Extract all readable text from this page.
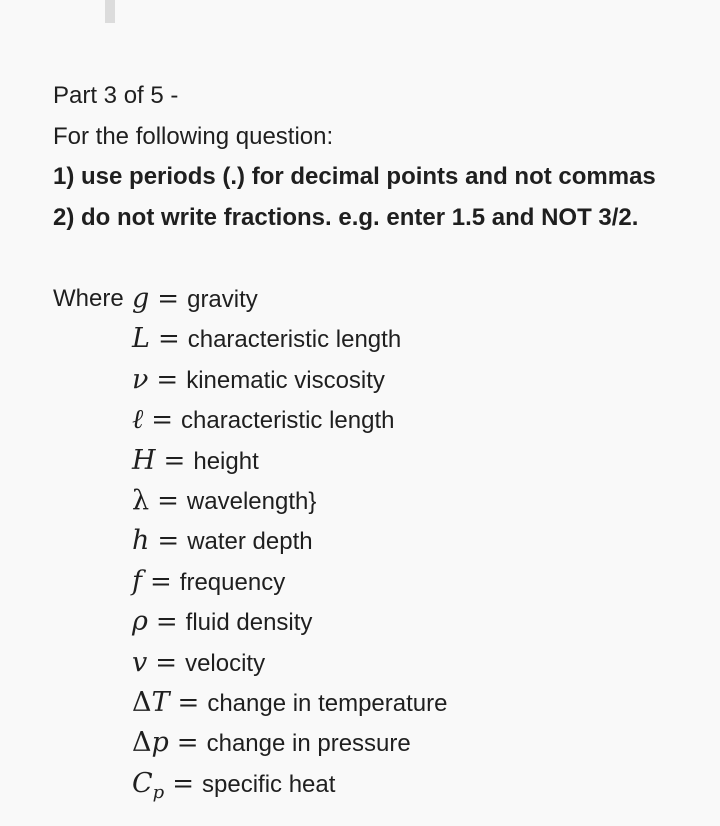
Part 3 of 5 -
For the following question:
1) use periods (.) for decimal points and not commas
2) do not write fractions. e.g. enter 1.5 and NOT 3/2.
Where g = gravity
L = characteristic length
ν = kinematic viscosity
ℓ = characteristic length
H = height
λ = wavelength}
h = water depth
f = frequency
ρ = fluid density
v = velocity
ΔT = change in temperature
Δp = change in pressure
$C_p$ = specific heat
